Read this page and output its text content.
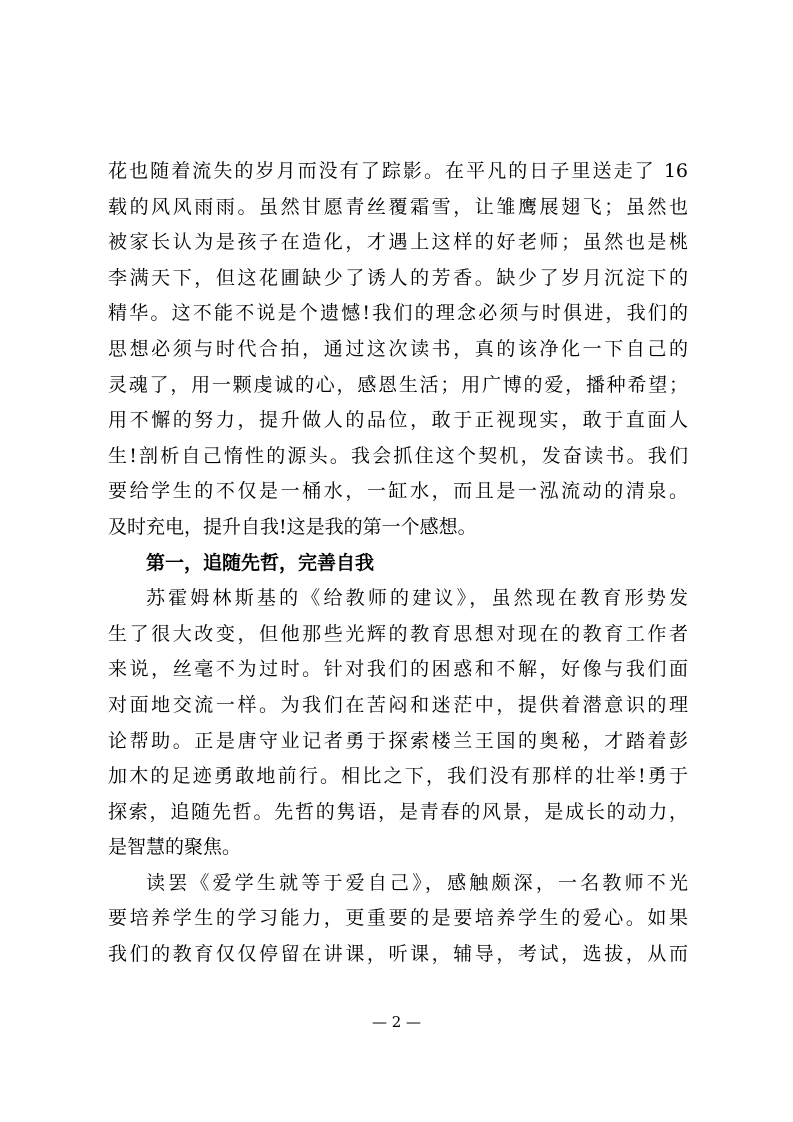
花也随着流失的岁月而没有了踪影。在平凡的日子里送走了 16
载的风风雨雨。虽然甘愿青丝覆霜雪，让雏鹰展翅飞；虽然也
被家长认为是孩子在造化，才遇上这样的好老师；虽然也是桃
李满天下，但这花圃缺少了诱人的芳香。缺少了岁月沉淀下的
精华。这不能不说是个遗憾!我们的理念必须与时俱进，我们的
思想必须与时代合拍，通过这次读书，真的该净化一下自己的
灵魂了，用一颗虔诚的心，感恩生活；用广博的爱，播种希望；
用不懈的努力，提升做人的品位，敢于正视现实，敢于直面人
生!剖析自己惰性的源头。我会抓住这个契机，发奋读书。我们
要给学生的不仅是一桶水，一缸水，而且是一泓流动的清泉。
及时充电，提升自我!这是我的第一个感想。
第一，追随先哲，完善自我
苏霍姆林斯基的《给教师的建议》，虽然现在教育形势发
生了很大改变，但他那些光辉的教育思想对现在的教育工作者
来说，丝毫不为过时。针对我们的困惑和不解，好像与我们面
对面地交流一样。为我们在苦闷和迷茫中，提供着潜意识的理
论帮助。正是唐守业记者勇于探索楼兰王国的奥秘，才踏着彭
加木的足迹勇敢地前行。相比之下，我们没有那样的壮举!勇于
探索，追随先哲。先哲的隽语，是青春的风景，是成长的动力，
是智慧的聚焦。
读罢《爱学生就等于爱自己》，感触颇深，一名教师不光
要培养学生的学习能力，更重要的是要培养学生的爱心。如果
我们的教育仅仅停留在讲课，听课，辅导，考试，选拔，从而
— 2 —
